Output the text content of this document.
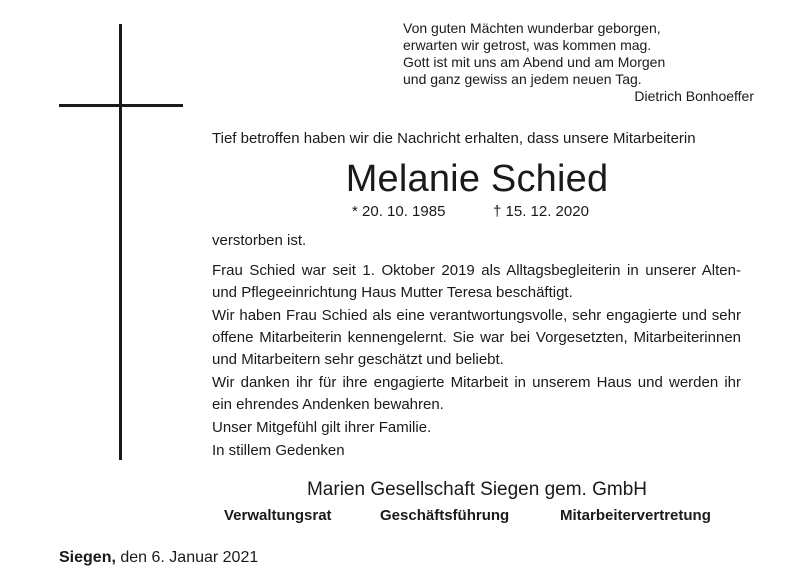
Von guten Mächten wunderbar geborgen,
erwarten wir getrost, was kommen mag.
Gott ist mit uns am Abend und am Morgen
und ganz gewiss an jedem neuen Tag.
Dietrich Bonhoeffer
Tief betroffen haben wir die Nachricht erhalten, dass unsere Mitarbeiterin
Melanie Schied
* 20. 10. 1985	† 15. 12. 2020
verstorben ist.

Frau Schied war seit 1. Oktober 2019 als Alltagsbegleiterin in unserer Alten- und Pflegeeinrichtung Haus Mutter Teresa beschäftigt.

Wir haben Frau Schied als eine verantwortungsvolle, sehr engagierte und sehr offene Mitarbeiterin kennengelernt. Sie war bei Vorgesetzten, Mitarbeiterinnen und Mitarbeitern sehr geschätzt und beliebt.

Wir danken ihr für ihre engagierte Mitarbeit in unserem Haus und werden ihr ein ehrendes Andenken bewahren.

Unser Mitgefühl gilt ihrer Familie.

In stillem Gedenken

Marien Gesellschaft Siegen gem. GmbH
Verwaltungsrat	Geschäftsführung	Mitarbeitervertretung
Siegen, den 6. Januar 2021
